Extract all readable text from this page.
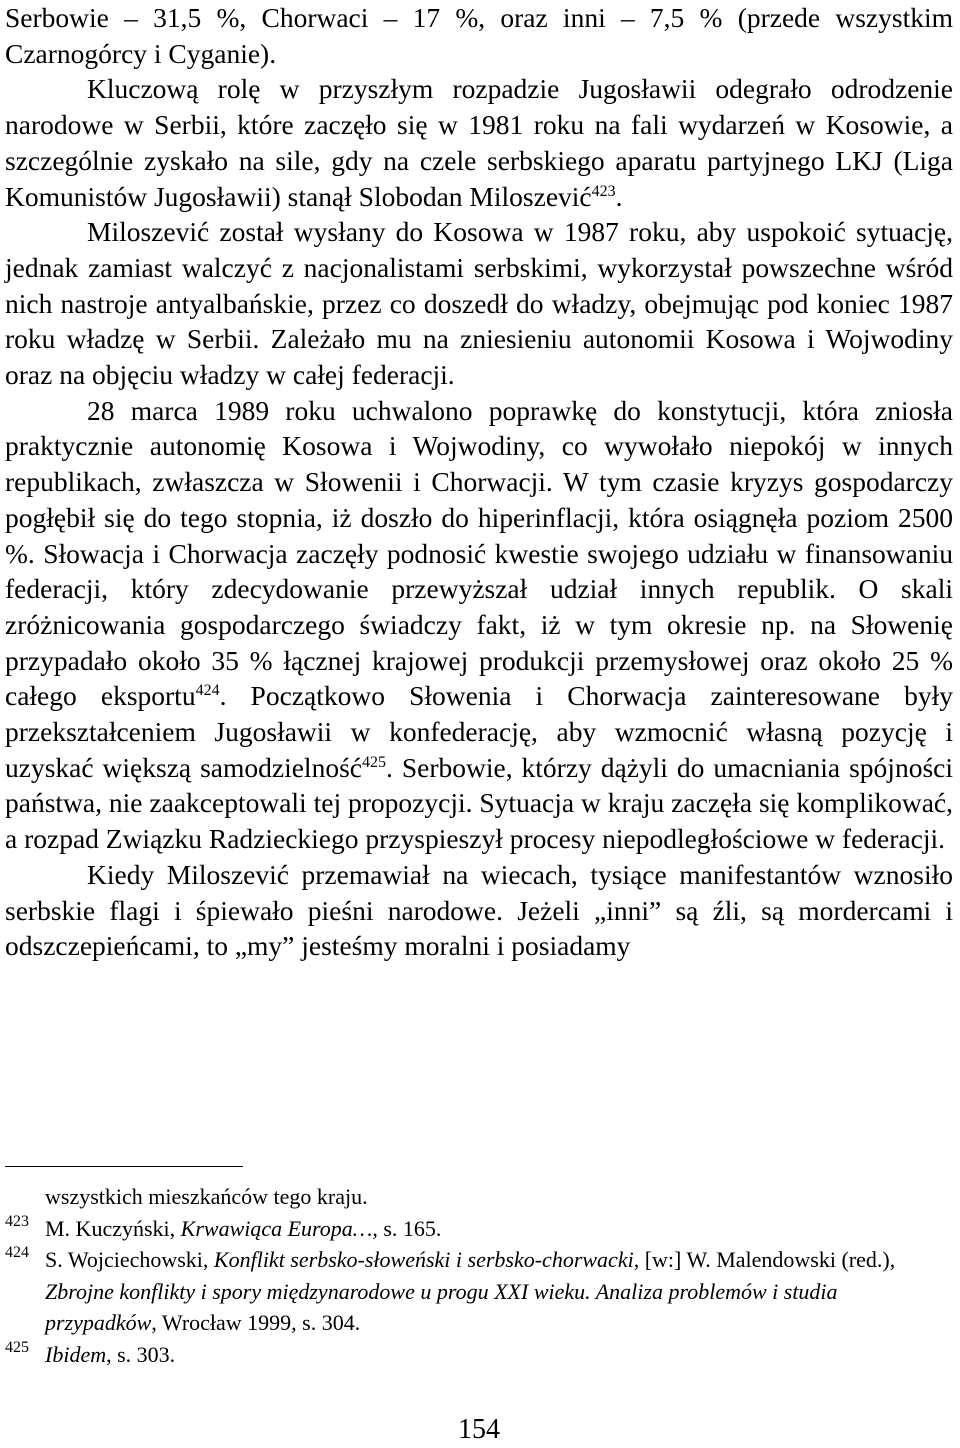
Serbowie – 31,5 %, Chorwaci – 17 %, oraz inni – 7,5 % (przede wszystkim Czarnogórcy i Cyganie).

Kluczową rolę w przyszłym rozpadzie Jugosławii odegrało odrodzenie narodowe w Serbii, które zaczęło się w 1981 roku na fali wydarzeń w Kosowie, a szczególnie zyskało na sile, gdy na czele serbskiego aparatu partyjnego LKJ (Liga Komunistów Jugosławii) stanął Slobodan Miloszević$^{423}$.

Miloszević został wysłany do Kosowa w 1987 roku, aby uspokoić sytuację, jednak zamiast walczyć z nacjonalistami serbskimi, wykorzystał powszechne wśród nich nastroje antyalbańskie, przez co doszedł do władzy, obejmując pod koniec 1987 roku władzę w Serbii. Zależało mu na zniesieniu autonomii Kosowa i Wojwodiny oraz na objęciu władzy w całej federacji.

28 marca 1989 roku uchwalono poprawkę do konstytucji, która zniosła praktycznie autonomię Kosowa i Wojwodiny, co wywołało niepokój w innych republikach, zwłaszcza w Słowenii i Chorwacji. W tym czasie kryzys gospodarczy pogłębił się do tego stopnia, iż doszło do hiperinflacji, która osiągnęła poziom 2500 %. Słowacja i Chorwacja zaczęły podnosić kwestie swojego udziału w finansowaniu federacji, który zdecydowanie przewyższał udział innych republik. O skali zróżnicowania gospodarczego świadczy fakt, iż w tym okresie np. na Słowenię przypadało około 35 % łącznej krajowej produkcji przemysłowej oraz około 25 % całego eksportu$^{424}$. Początkowo Słowenia i Chorwacja zainteresowane były przekształceniem Jugosławii w konfederację, aby wzmocnić własną pozycję i uzyskać większą samodzielność$^{425}$. Serbowie, którzy dążyli do umacniania spójności państwa, nie zaakceptowali tej propozycji. Sytuacja w kraju zaczęła się komplikować, a rozpad Związku Radzieckiego przyspieszył procesy niepodległościowe w federacji.

Kiedy Miloszević przemawiał na wiecach, tysiące manifestantów wznosiło serbskie flagi i śpiewało pieśni narodowe. Jeżeli „inni” są źli, są mordercami i odszczepieńcami, to „my” jesteśmy moralni i posiadamy

wszystkich mieszkańców tego kraju.

423 M. Kuczyński, Krwawiąca Europa…, s. 165.

424 S. Wojciechowski, Konflikt serbsko-słoweński i serbsko-chorwacki, [w:] W. Malendowski (red.), Zbrojne konflikty i spory międzynarodowe u progu XXI wieku. Analiza problemów i studia przypadków, Wrocław 1999, s. 304.

425 Ibidem, s. 303.

154
